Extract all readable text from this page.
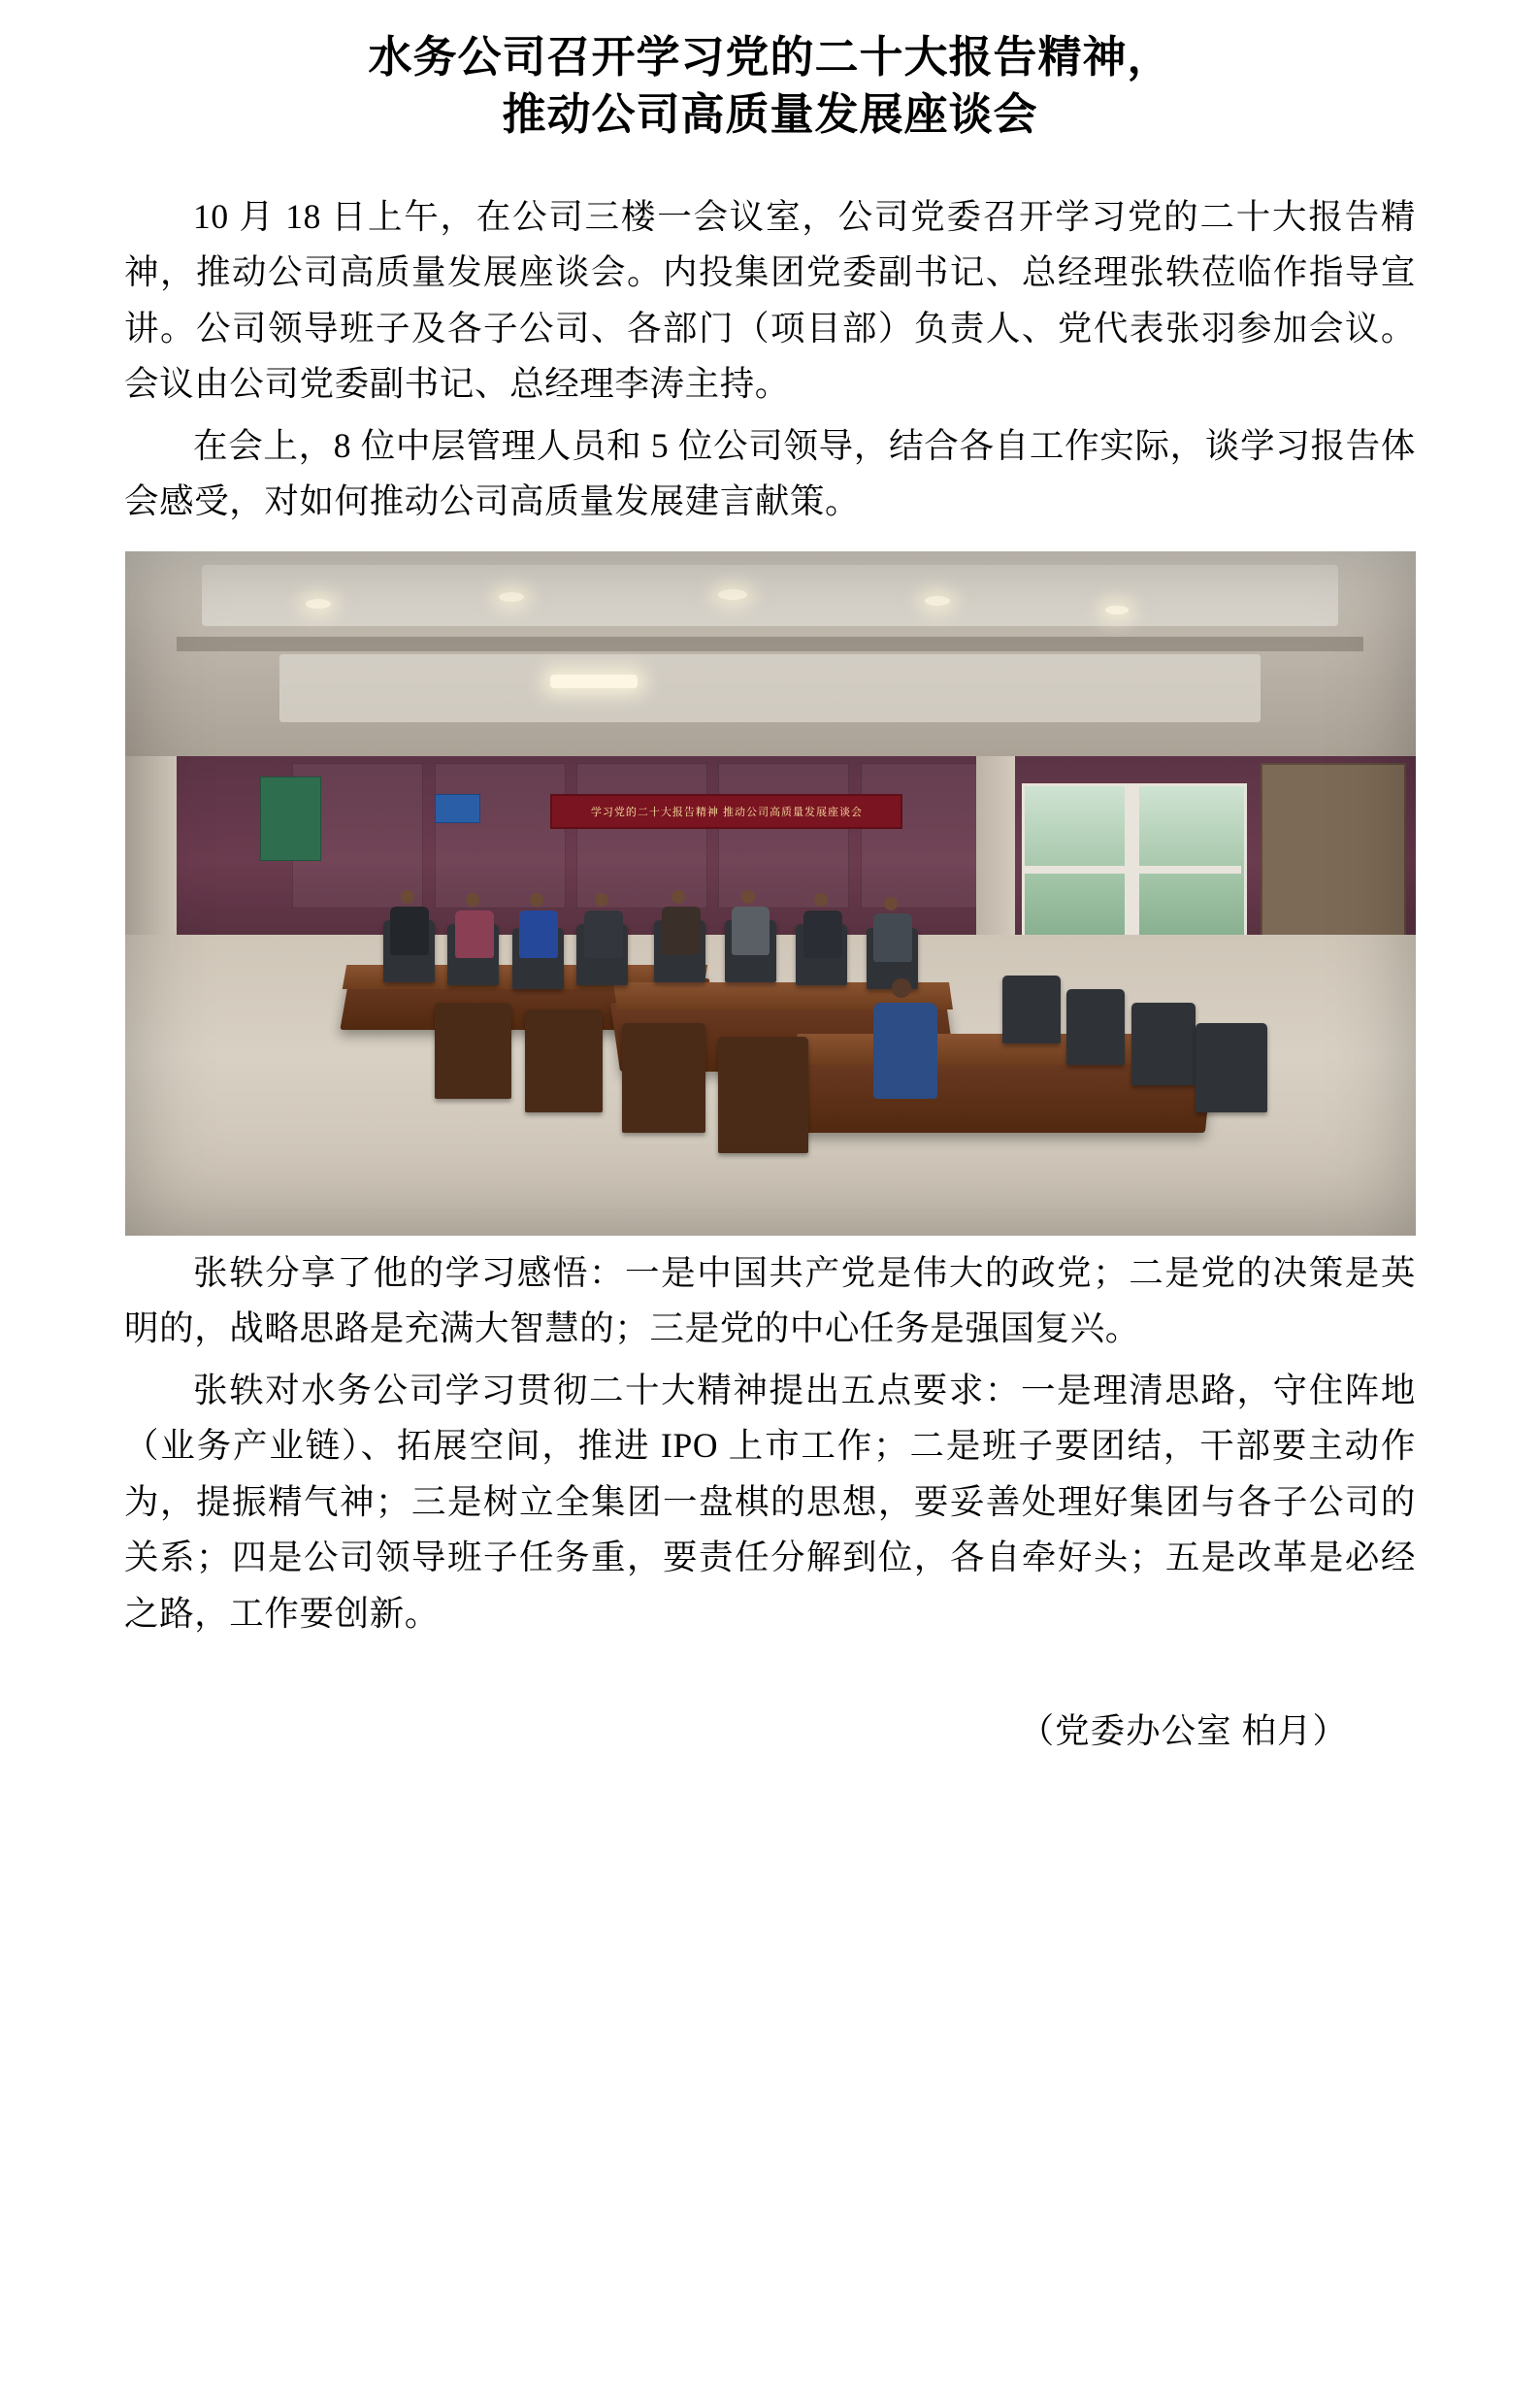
水务公司召开学习党的二十大报告精神，
推动公司高质量发展座谈会

10 月 18 日上午，在公司三楼一会议室，公司党委召开学习党的二十大报告精神，推动公司高质量发展座谈会。内投集团党委副书记、总经理张轶莅临作指导宣讲。公司领导班子及各子公司、各部门（项目部）负责人、党代表张羽参加会议。会议由公司党委副书记、总经理李涛主持。

在会上，8 位中层管理人员和 5 位公司领导，结合各自工作实际，谈学习报告体会感受，对如何推动公司高质量发展建言献策。

学习党的二十大报告精神 推动公司高质量发展座谈会

张轶分享了他的学习感悟：一是中国共产党是伟大的政党；二是党的决策是英明的，战略思路是充满大智慧的；三是党的中心任务是强国复兴。

张轶对水务公司学习贯彻二十大精神提出五点要求：一是理清思路，守住阵地（业务产业链）、拓展空间，推进 IPO 上市工作；二是班子要团结，干部要主动作为，提振精气神；三是树立全集团一盘棋的思想，要妥善处理好集团与各子公司的关系；四是公司领导班子任务重，要责任分解到位，各自牵好头；五是改革是必经之路，工作要创新。

（党委办公室 柏月）
